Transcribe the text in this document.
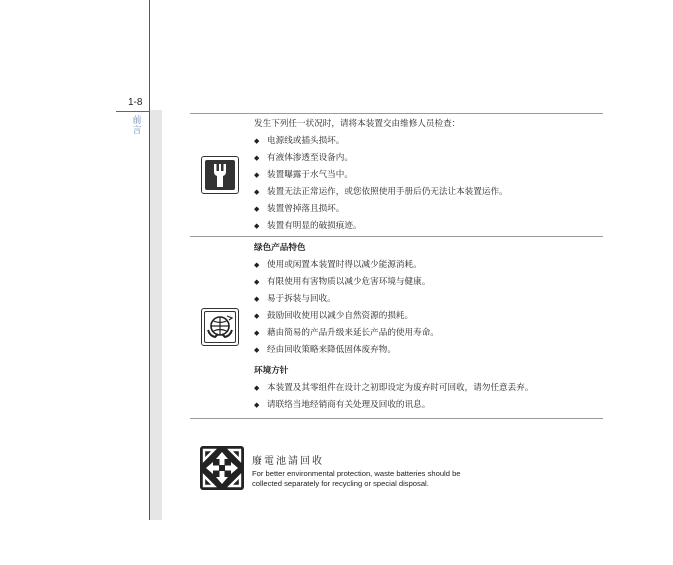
1-8
前言
发生下列任一状况时，请将本装置交由维修人员检查：
◆ 电源线或插头损坏。
◆ 有液体渗透至设备内。
◆ 装置曝露于水气当中。
◆ 装置无法正常运作，或您依照使用手册后仍无法让本装置运作。
◆ 装置曾掉落且损坏。
◆ 装置有明显的破损痕迹。
绿色产品特色
◆ 使用或闲置本装置时得以减少能源消耗。
◆ 有限使用有害物质以减少危害环境与健康。
◆ 易于拆装与回收。
◆ 鼓励回收使用以减少自然资源的损耗。
◆ 藉由简易的产品升级来延长产品的使用寿命。
◆ 经由回收策略来降低固体废弃物。
环境方针
◆ 本装置及其零组件在设计之初即设定为废弃时可回收，请勿任意丢弃。
◆ 请联络当地经销商有关处理及回收的讯息。
廢電池請回收
For better environmental protection, waste batteries should be
collected separately for recycling or special disposal.
